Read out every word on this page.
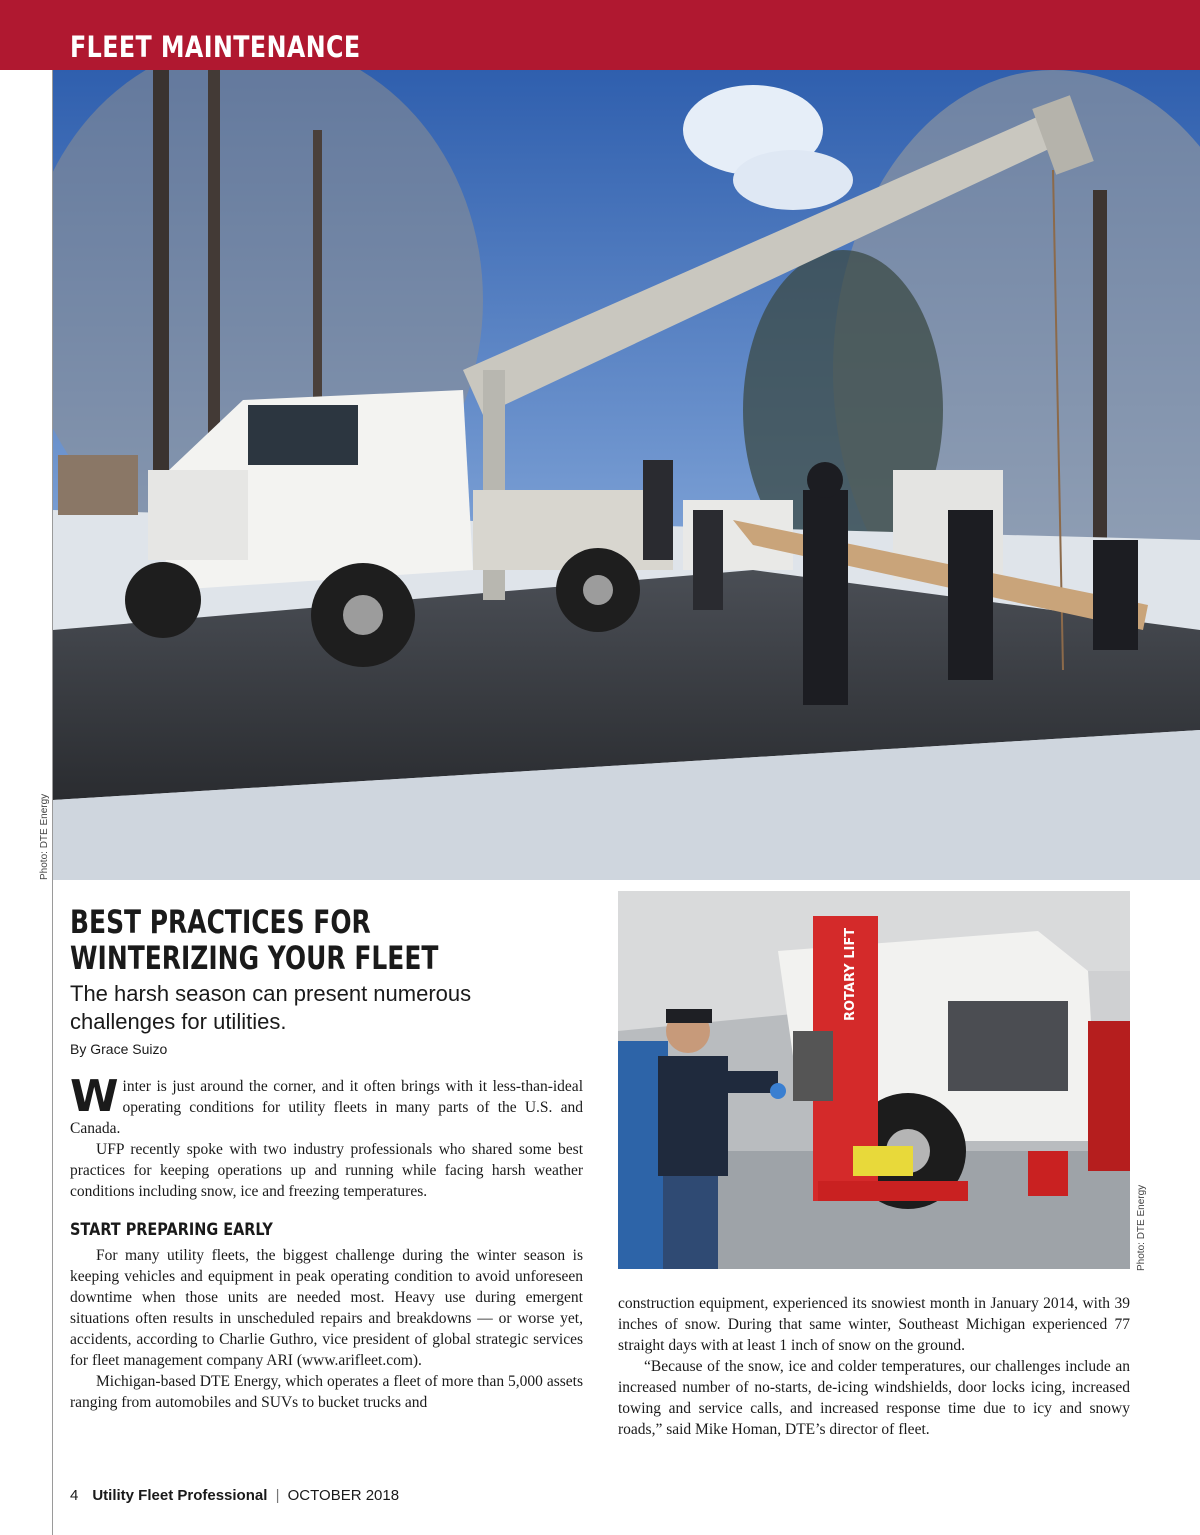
FLEET MAINTENANCE
Photo: DTE Energy
BEST PRACTICES FOR WINTERIZING YOUR FLEET
The harsh season can present numerous challenges for utilities.
By Grace Suizo

Winter is just around the corner, and it often brings with it less-than-ideal operating conditions for utility fleets in many parts of the U.S. and Canada.

UFP recently spoke with two industry professionals who shared some best practices for keeping operations up and running while facing harsh weather conditions including snow, ice and freezing temperatures.

START PREPARING EARLY

For many utility fleets, the biggest challenge during the winter season is keeping vehicles and equipment in peak operating condition to avoid unforeseen downtime when those units are needed most. Heavy use during emergent situations often results in unscheduled repairs and breakdowns — or worse yet, accidents, according to Charlie Guthro, vice president of global strategic services for fleet management company ARI (www.arifleet.com).

Michigan-based DTE Energy, which operates a fleet of more than 5,000 assets ranging from automobiles and SUVs to bucket trucks and

ROTARY LIFT
Photo: DTE Energy

construction equipment, experienced its snowiest month in January 2014, with 39 inches of snow. During that same winter, Southeast Michigan experienced 77 straight days with at least 1 inch of snow on the ground.

“Because of the snow, ice and colder temperatures, our challenges include an increased number of no-starts, de-icing windshields, door locks icing, increased towing and service calls, and increased response time due to icy and snowy roads,” said Mike Homan, DTE’s director of fleet.

4 Utility Fleet Professional | OCTOBER 2018
